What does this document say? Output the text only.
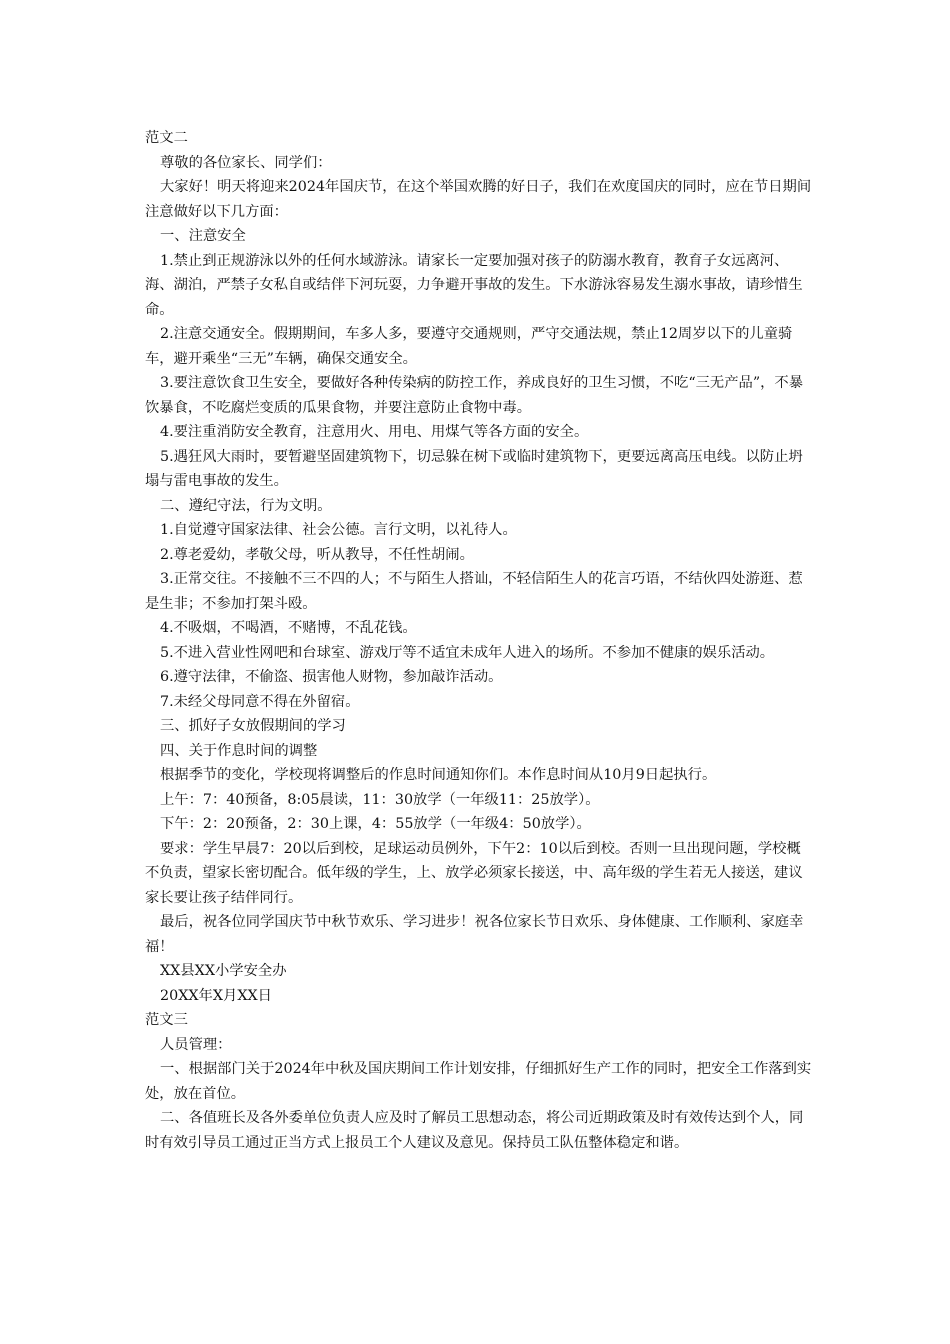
范文二

尊敬的各位家长、同学们：

大家好！明天将迎来2024年国庆节，在这个举国欢腾的好日子，我们在欢度国庆的同时，应在节日期间注意做好以下几方面：

一、注意安全

1.禁止到正规游泳以外的任何水域游泳。请家长一定要加强对孩子的防溺水教育，教育子女远离河、海、湖泊，严禁子女私自或结伴下河玩耍，力争避开事故的发生。下水游泳容易发生溺水事故，请珍惜生命。

2.注意交通安全。假期期间，车多人多，要遵守交通规则，严守交通法规，禁止12周岁以下的儿童骑车，避开乘坐“三无”车辆，确保交通安全。

3.要注意饮食卫生安全，要做好各种传染病的防控工作，养成良好的卫生习惯，不吃“三无产品”，不暴饮暴食，不吃腐烂变质的瓜果食物，并要注意防止食物中毒。

4.要注重消防安全教育，注意用火、用电、用煤气等各方面的安全。

5.遇狂风大雨时，要暂避坚固建筑物下，切忌躲在树下或临时建筑物下，更要远离高压电线。以防止坍塌与雷电事故的发生。

二、遵纪守法，行为文明。

1.自觉遵守国家法律、社会公德。言行文明，以礼待人。

2.尊老爱幼，孝敬父母，听从教导，不任性胡闹。

3.正常交往。不接触不三不四的人；不与陌生人搭讪，不轻信陌生人的花言巧语，不结伙四处游逛、惹是生非；不参加打架斗殴。

4.不吸烟，不喝酒，不赌博，不乱花钱。

5.不进入营业性网吧和台球室、游戏厅等不适宜未成年人进入的场所。不参加不健康的娱乐活动。

6.遵守法律，不偷盗、损害他人财物，参加敲诈活动。

7.未经父母同意不得在外留宿。

三、抓好子女放假期间的学习

四、关于作息时间的调整

根据季节的变化，学校现将调整后的作息时间通知你们。本作息时间从10月9日起执行。

上午：7：40预备，8:05晨读，11：30放学（一年级11：25放学）。

下午：2：20预备，2：30上课，4：55放学（一年级4：50放学）。

要求：学生早晨7：20以后到校，足球运动员例外，下午2：10以后到校。否则一旦出现问题，学校概不负责，望家长密切配合。低年级的学生，上、放学必须家长接送，中、高年级的学生若无人接送，建议家长要让孩子结伴同行。

最后，祝各位同学国庆节中秋节欢乐、学习进步！祝各位家长节日欢乐、身体健康、工作顺利、家庭幸福！

XX县XX小学安全办

20XX年X月XX日

范文三

人员管理：

一、根据部门关于2024年中秋及国庆期间工作计划安排，仔细抓好生产工作的同时，把安全工作落到实处，放在首位。

二、各值班长及各外委单位负责人应及时了解员工思想动态，将公司近期政策及时有效传达到个人，同时有效引导员工通过正当方式上报员工个人建议及意见。保持员工队伍整体稳定和谐。
